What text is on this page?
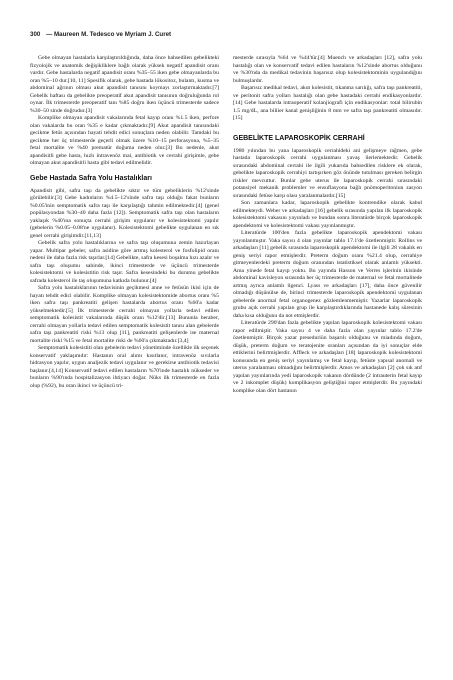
300 — Maureen M. Tedesco ve Myriam J. Curet

Gebe olmayan hastalarla karşılaştırıldığında, daha önce bahsedilen gebelikteki fizyolojik ve anatomik değişikliklere bağlı olarak yüksek negatif apandisit oranı vardır. Gebe hastalarda negatif apandisit oranı %35–55 iken gebe olmayanlarda bu oran %5–10 dur.[10, 11] Spesifik olarak, gebe hastada lökositoz, bulantı, kusma ve abdominal ağrının olması akut apandisit tanısını koymayı zorlaştırmaktadır.[7] Gebelik haftası da gebelikte preoperatif akut apandisit tanısının doğruluğunda rol oynar. İlk trimesterde preoperatif tanı %85 doğru iken üçüncü trimesterde sadece %30–50 sinde doğrudur.[3]

Komplike olmayan apandisit vakalarında fetal kayıp oranı %1.5 iken, perfore olan vakalarda bu oran %35 e kadar çıkmaktadır.[9] Akut apandisit tanısındaki gecikme fetüs açısından hayati tehdit edici sonuçlara neden olabilir. Tamdaki bu gecikme her üç trimesterde geçerli olmak üzere %10–15 perforasyona, %5–35 fetal mortalite ve %40 prematür doğuma neden olur.[3] Bu nedenle, akut apandisitli gebe hasta, hızlı intravenöz mai, antibiotik ve cerrahi girişimle, gebe olmayan akut apandisitli hasta gibi tedavi edilmelidir.

Gebe Hastada Safra Yolu Hastalıkları

Apandisit gibi, safra taşı da gebelikte sıktır ve tüm gebeliklerin %12'sinde görülebilir.[3] Gebe kadınların %4.5–12'sinde safra taşı olduğu fakat bunların %0.05'inin semptomatik safra taşı ile karşılaştığı tahmin edilmektedir.[4] (genel popülasyondan %30–40 daha fazla [12]). Semptomatik safra taşı olan hastaların yaklaşık %40'ına sonuçta cerrahi girişim uygulanır ve kolesistektomi yapılır (gebelerin %0.05–0.08'ne uygulanır). Kolesistektomi gebelikte uygulanan en sık genel cerrahi girişimdir.[11,13]

Gebelik safra yolu hastalıklarına ve safra taşı oluşumuna zemin hazırlayan yapar. Multipar gebeler, safra asidine göre artmış kolesterol ve fosfolipid oranı nedeni ile daha fazla risk taşırlar.[14] Gebelikte, safra kesesi boşalma hızı azalır ve safra taşı oluşumu sahinde, ikinci trimesterde ve üçüncü trimesterde kolesistektomi ve kolesistitin risk taşır. Safra kesesindeki bu durumu gebelikte safrada kolesterol ile taş oluşumuna katkıda bulunur.[4]

Safra yolu hastalıklarının tedavisinin geçikmesi anne ve fetüsün ikisi için de hayatı tehdit edici olabilir. Komplike olmayan kolesistektomide abortus oranı %5 iken safra taşı pankreatiti gelişen hastalarda abortus oranı %60'a kadar yükselmektedir.[5] İlk trimesterde cerrahi olmayan yollarla tedavi edilen semptomatik kolesistit vakalarında düşük oranı %12'dir.[13] Bununla beraber, cerrahi olmayan yollarla tedavi edilen semptomatik kolesistit tanısı alan gebelerde safra taşı pankreatiti riski %13 olup [11], pankreatiti gelişenlerde ise maternal mortalite riski %15 ve fetal mortalite riski de %60'a çıkmaktadır.[3,4]

Semptomatik kolesistiti olan gebelerin tedavi yönetiminde özellikle ilk seçenek konservatif yaklaşımdır: Hastanın oral alımı kısıtlanır, intravenöz sıvılarla hidrasyon yapılır, uygun analjezik tedavi uygulanır ve gerekirse antibiotik tedavisi başlanır.[4,14] Konservatif tedavi edilen hastaların %70'inde hastalık nükseder ve bunların %90'ında hospitalizasyon ihtiyacı doğar. Nüks ilk trimesterde en fazla olup (%92), bu oran ikinci ve üçüncü tri-

mesterde sırasıyla %64 ve %44'tür.[4] Muench ve arkadaşları [12], safra yolu hastalığı olan ve konservatif tedavi edilen hastaların %12'sinde abortus olduğunu ve %30'nda da medikal tedavinin başarısız olup kolesistektominin uygulandığını bulmuşlardır.

Başarısız medikal tedavi, akut kolesistit, tıkanma sarılığı, safra taşı pankreatiti, ve peritonit safra yolları hastalığı olan gebe hastadaki cerrahi endikasyonlardır.[14] Gebe hastalarda intraoperatif kolanjiografi için endikasyonlar: total bilirubin 1.5 mg/dL, ana biliier kanal genişliğinin 8 mm ve safra taşı pankreatiti olmasıdır.[15]

GEBELİKTE LAPAROSKOPİK CERRAHİ

1980 yılından bu yana laparoskopik cerrahideki ani gelişmeye rağmen, gebe hastada laparoskopik cerrahi uygulanması yavaş ilerlemektedir. Gebelik sırasındaki abdominal cerrahi ile ilgili yukarıda bahsedilen risklere ek olarak, gebelikte laparoskopik cerrahiyi tartışırken göz önünde tutulması gereken belirgin riskler mevcuttur. Bunlar gebe uterus ile laparoskopik cerrahi sırasındaki potansiyel mekanik problemler ve ensuflasyona bağlı pnömoperitoniun zasyon sırasındaki fetüse karşı olası yaralanmalardır.[15]

Son zamanlara kadar, laparoskopik gebelikte kontrendike olarak kabul edilmekteydi. Weber ve arkadaşları [16] gebelik sırasında yapılan ilk laparoskopik kolesistektomi vakasını yayınladı ve bundan sonra literatürde birçok laparoskopik apendektomi ve kolesistektomi vakası yayınlanmıştır.

Literatürde 100'den fazla gebelikte laparoskopik apendektomi vakası yayınlanmıştır. Vaka sayısı 4 olan yayınlar tablo 17.1'de özetlenmiştir. Rollins ve arkadaşları [11] gebelik sırasında laparoskopik apendektomi ile ilgili 28 vakalık en geniş seriyi rapor etmişlerdir. Preterm doğum oranı %21.4 olup, cerrahiye gitmeyenlerdeki preterm doğum oranından istatistiksel olarak anlamlı yüksekti. Ama yinede fetal kayıp yoktu. Bu yayında Hasson ve Verres işlerinin ikisinde abdominal kavisleyon sırasında her üç trimesterde de maternal ve fetal mortalitede artmış ayrıca anlamlı ilgenci. Lyass ve arkadaşları [17], daha önce güvenilir olmadığı düşünülse de, birinci trimesterde laparoskopik apendektomi uygulanan gebelerde anormal fetal organogenez gözlemlenmemiştir. Yazarlar laparoskopik grubu açık cerrahi yapılan grup ile karşılaştırdıklarında hastanede kalış süresinin daha kısa olduğunu da not etmişlerdir.

Literatürde 290'dan fazla gebelikte yapılan laparoskopik kolesistektomi vakası rapor edilmiştir. Vaka sayısı 4 ve daha fazla olan yayınlar tablo 17.2'de özetlenmiştir. Birçok yazar preseduriün başarılı olduğunu ve miadında doğum, düşük, preterm doğum ve teratojenite oranları açısından da iyi sonuçlar elde ettiklerini belirtmişlerdir. Affleck ve arkadaşları [18] laparoskopik kolesistektomi konusunda en geniş seriyi yayınlamış ve fetal kayıp, fetüste yapısal anomali ve uterus yaralanması olmadığını belirtmişlerdir. Amos ve arkadaşları [2] çok sık atıf yapılan yayınlarında yedi laparoskopik vakanın dördünde (2 intrauterin fetal kayıp ve 2 inkomplet düşük) komplikasyon geliştiğini rapor etmişlerdir. Bu yayındaki komplike olan dört hastanın
